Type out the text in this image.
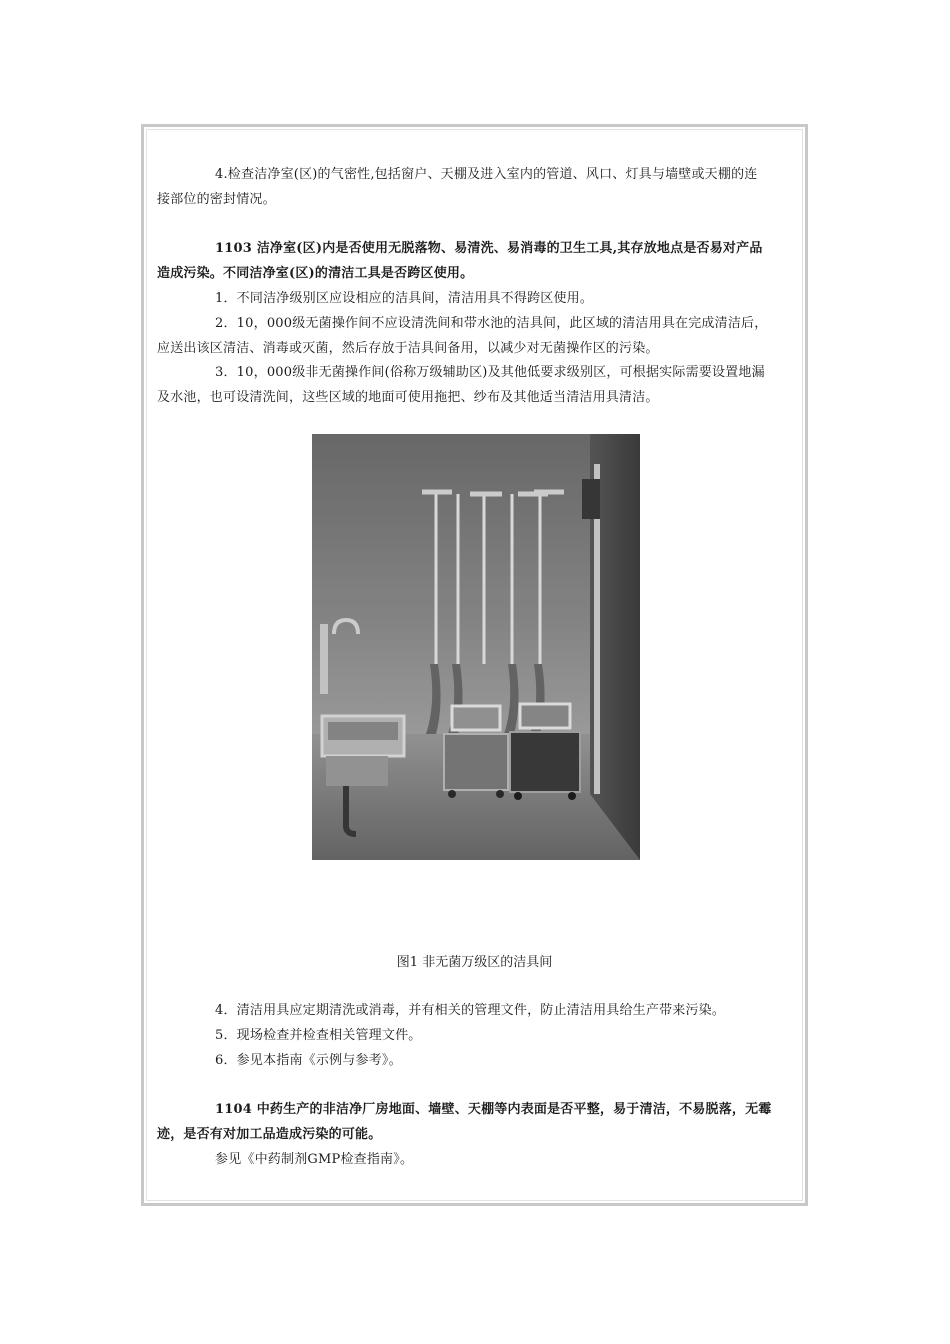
4.检查洁净室(区)的气密性,包括窗户、天棚及进入室内的管道、风口、灯具与墙壁或天棚的连
接部位的密封情况。
1103 洁净室(区)内是否使用无脱落物、易清洗、易消毒的卫生工具,其存放地点是否易对产品
造成污染。不同洁净室(区)的清洁工具是否跨区使用。
1．不同洁净级别区应设相应的洁具间，清洁用具不得跨区使用。
2．10，000级无菌操作间不应设清洗间和带水池的洁具间，此区域的清洁用具在完成清洁后，
应送出该区清洁、消毒或灭菌，然后存放于洁具间备用，以减少对无菌操作区的污染。
3．10，000级非无菌操作间(俗称万级辅助区)及其他低要求级别区，可根据实际需要设置地漏
及水池，也可设清洗间，这些区域的地面可使用拖把、纱布及其他适当清洁用具清洁。
图1 非无菌万级区的洁具间
4．清洁用具应定期清洗或消毒，并有相关的管理文件，防止清洁用具给生产带来污染。
5．现场检查并检查相关管理文件。
6．参见本指南《示例与参考》。
1104 中药生产的非洁净厂房地面、墙壁、天棚等内表面是否平整，易于清洁，不易脱落，无霉
迹，是否有对加工品造成污染的可能。
参见《中药制剂GMP检查指南》。
